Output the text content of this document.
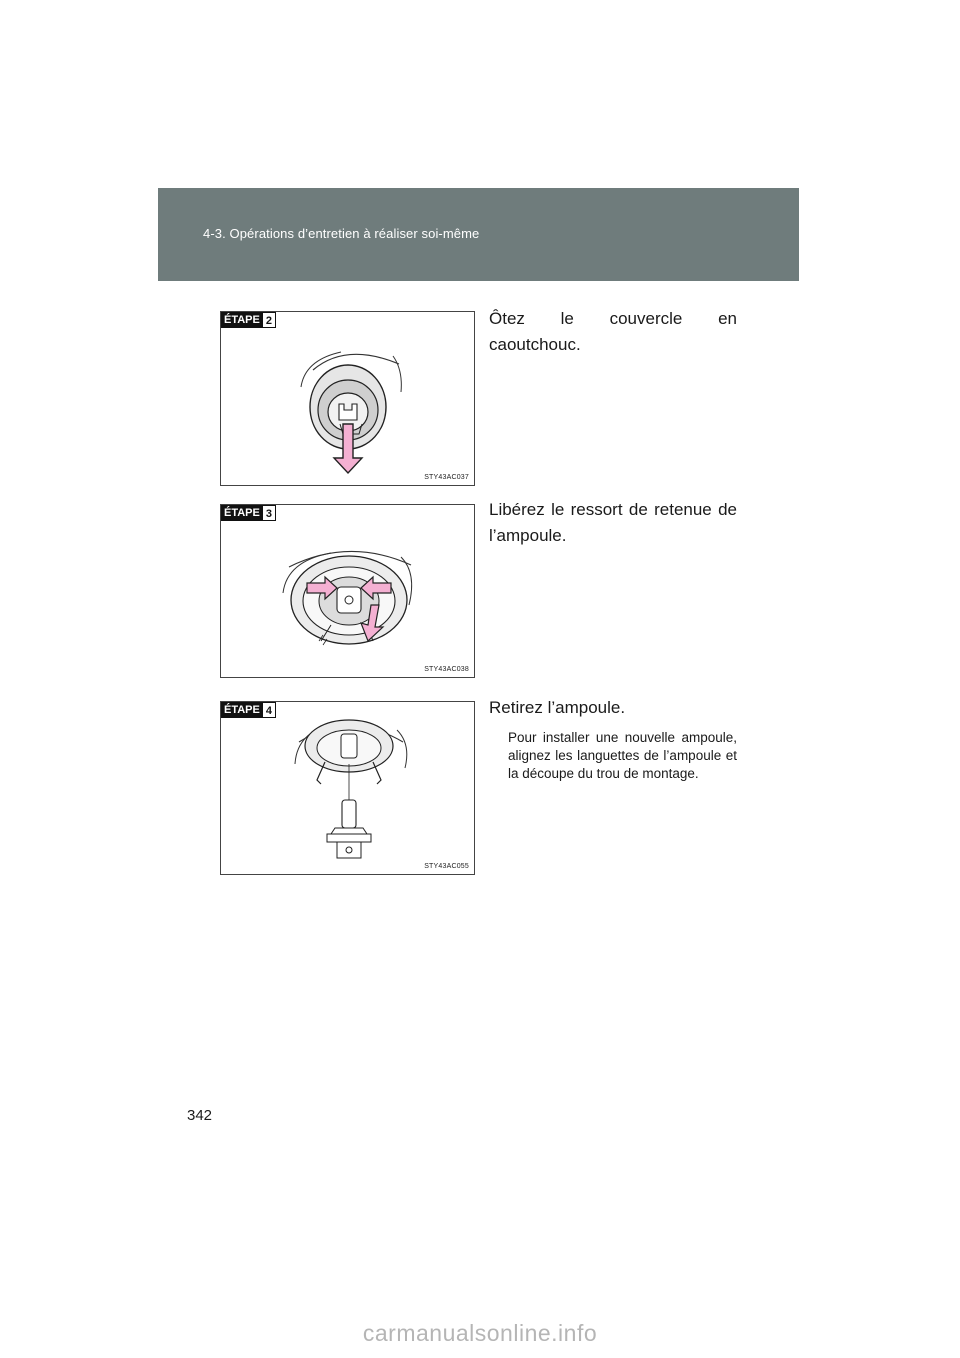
4-3. Opérations d’entretien à réaliser soi-même
ÉTAPE 2
STY43AC037
Ôtez le couvercle en
caoutchouc.
ÉTAPE 3
STY43AC038
Libérez le ressort de retenue de l’ampoule.
ÉTAPE 4
STY43AC055
Retirez l’ampoule.
Pour installer une nouvelle ampoule, alignez les languettes de l’ampoule et la découpe du trou de montage.
342
carmanualsonline.info
